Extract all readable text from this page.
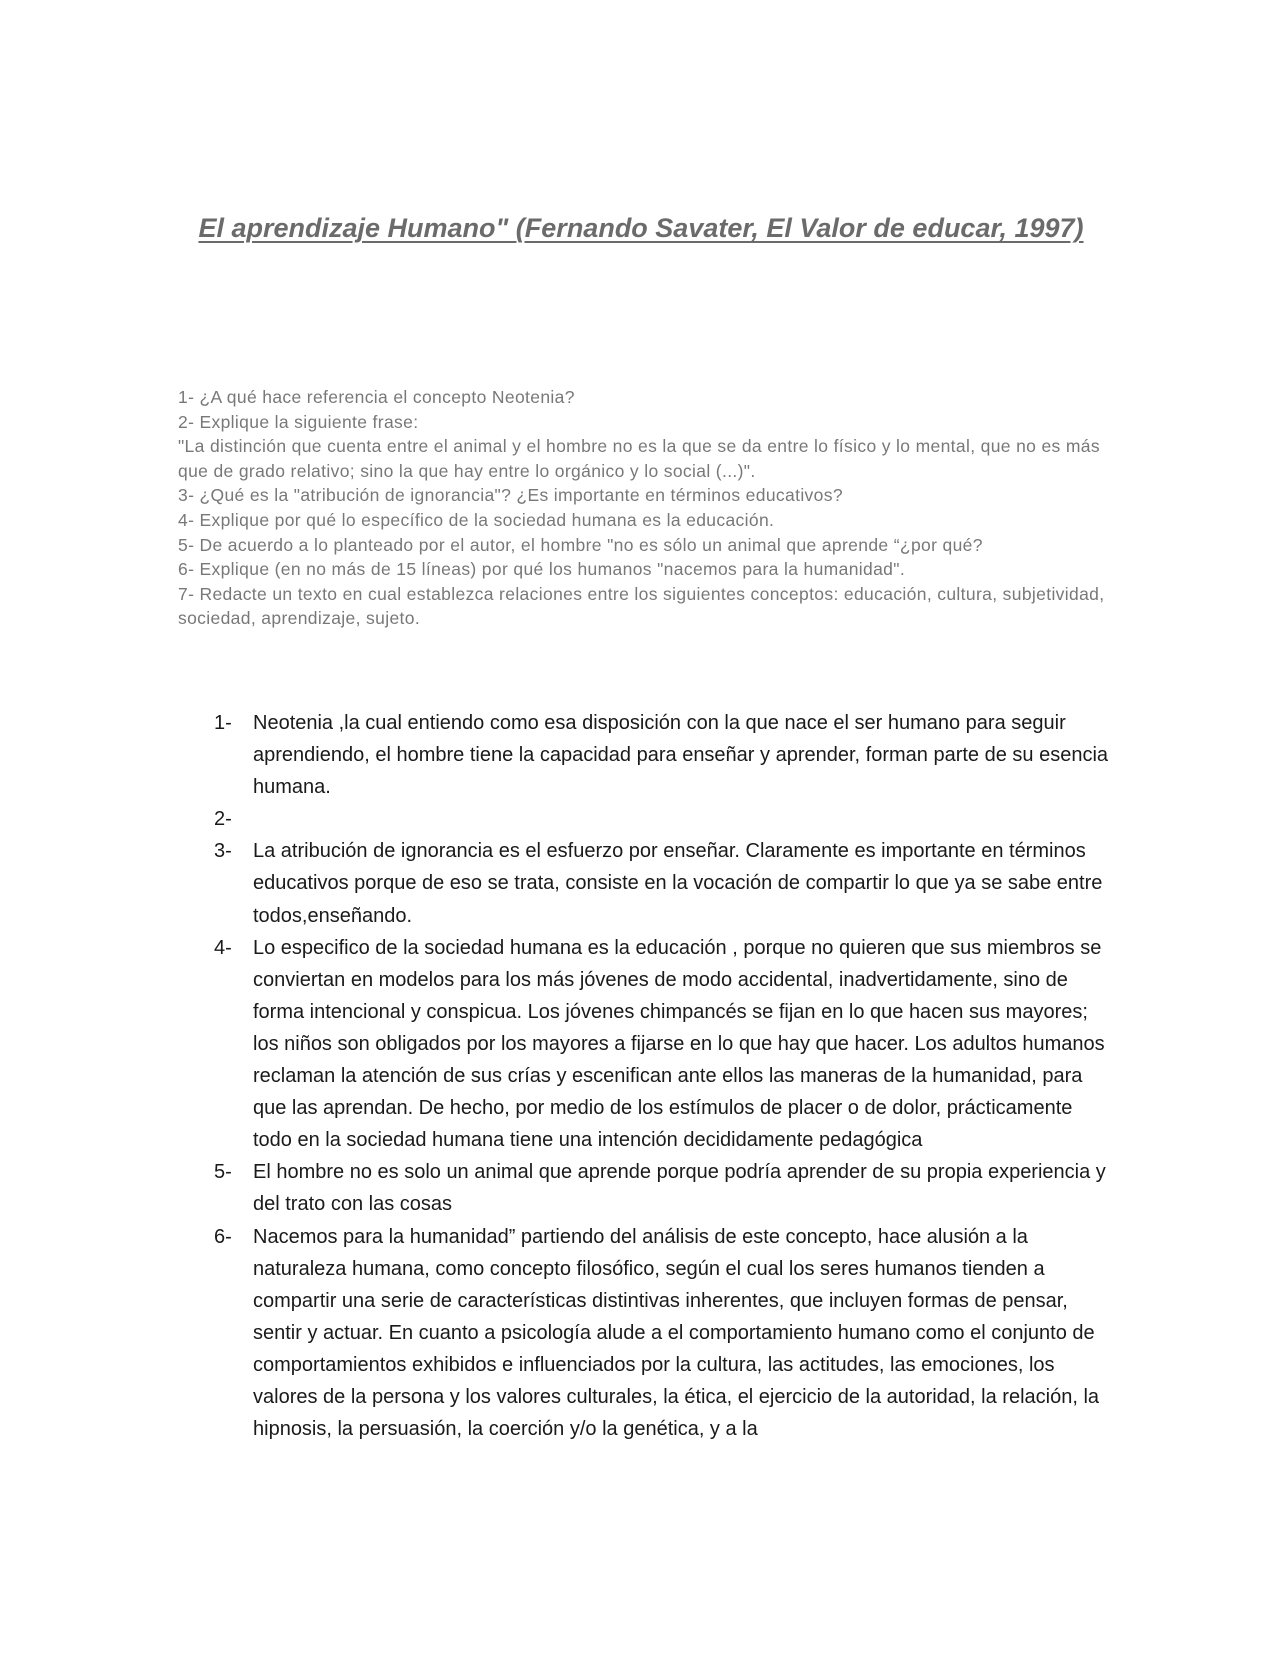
El aprendizaje Humano" (Fernando Savater, El Valor de educar, 1997)
1- ¿A qué hace referencia el concepto Neotenia?
2- Explique la siguiente frase:
"La distinción que cuenta entre el animal y el hombre no es la que se da entre lo físico y lo mental, que no es más que de grado relativo; sino la que hay entre lo orgánico y lo social (...)".
3- ¿Qué es la "atribución de ignorancia"? ¿Es importante en términos educativos?
4- Explique por qué lo específico de la sociedad humana es la educación.
5- De acuerdo a lo planteado por el autor, el hombre "no es sólo un animal que aprende “¿por qué?
6- Explique (en no más de 15 líneas) por qué los humanos "nacemos para la humanidad".
7- Redacte un texto en cual establezca relaciones entre los siguientes conceptos: educación, cultura, subjetividad, sociedad, aprendizaje, sujeto.
1-	Neotenia ,la cual entiendo como esa disposición con la que nace el ser humano para seguir aprendiendo, el hombre tiene la capacidad para enseñar y aprender, forman parte de su esencia humana.
2-
3-	La atribución de ignorancia es el esfuerzo por enseñar. Claramente es importante en términos educativos porque de eso se trata, consiste en la vocación de compartir lo que ya se sabe entre todos,enseñando.
4-	Lo especifico de la sociedad humana es la educación , porque no quieren que sus miembros se conviertan en modelos para los más jóvenes de modo accidental, inadvertidamente, sino de forma intencional y conspicua. Los jóvenes chimpancés se fijan en lo que hacen sus mayores; los niños son obligados por los mayores a fijarse en lo que hay que hacer. Los adultos humanos reclaman la atención de sus crías y escenifican ante ellos las maneras de la humanidad, para que las aprendan. De hecho, por medio de los estímulos de placer o de dolor, prácticamente todo en la sociedad humana tiene una intención decididamente pedagógica
5-	El hombre no es solo un animal que aprende porque podría aprender de su propia experiencia y del trato con las cosas
6-	Nacemos para la humanidad” partiendo del análisis de este concepto, hace alusión a la naturaleza humana, como concepto filosófico, según el cual los seres humanos tienden a compartir una serie de características distintivas inherentes, que incluyen formas de pensar, sentir y actuar. En cuanto a psicología alude a el comportamiento humano como el conjunto de comportamientos exhibidos e influenciados por la cultura, las actitudes, las emociones, los valores de la persona y los valores culturales, la ética, el ejercicio de la autoridad, la relación, la hipnosis, la persuasión, la coerción y/o la genética, y a la
